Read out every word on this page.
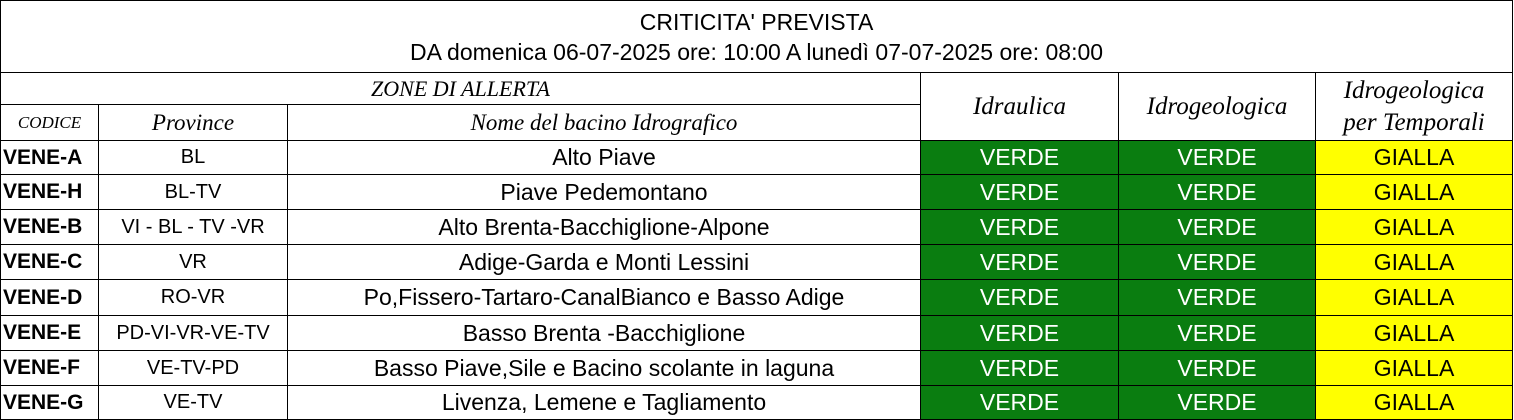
CRITICITA' PREVISTA
DA domenica 06-07-2025 ore: 10:00 A lunedì 07-07-2025 ore: 08:00					

ZONE DI ALLERTA			Idraulica	Idrogeologica	Idrogeologica
per Temporali

CODICE	Province	Nome del bacino Idrografico			
VENE-A	BL	Alto Piave	VERDE	VERDE	GIALLA
VENE-H	BL-TV	Piave Pedemontano	VERDE	VERDE	GIALLA
VENE-B	VI - BL - TV -VR	Alto Brenta-Bacchiglione-Alpone	VERDE	VERDE	GIALLA
VENE-C	VR	Adige-Garda e Monti Lessini	VERDE	VERDE	GIALLA
VENE-D	RO-VR	Po,Fissero-Tartaro-CanalBianco e Basso Adige	VERDE	VERDE	GIALLA
VENE-E	PD-VI-VR-VE-TV	Basso Brenta -Bacchiglione	VERDE	VERDE	GIALLA
VENE-F	VE-TV-PD	Basso Piave,Sile e Bacino scolante in laguna	VERDE	VERDE	GIALLA
VENE-G	VE-TV	Livenza, Lemene e Tagliamento	VERDE	VERDE	GIALLA
